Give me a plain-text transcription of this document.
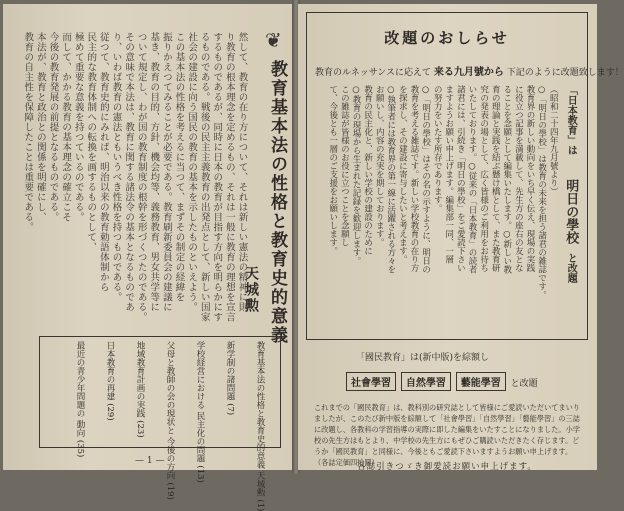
❦
教育基本法の性格と教育史的意義
天城勲
然して、教育の在り方について、それは新しい憲法の精神に則
り教育の根本理念を定めるもの、それは一般に教育の理想を宣言
するものであるが、同時に日本の教育が目指す方向を明らかにす
るものである。戦後の民主主義教育の出発点として、新しい国家
社会の建設に向う国民の教育の基本を示したものといえよう。
この基本法の性格を考えるに当つて、まずその制定の経緯を
振りかえつてみることが必要である。教育刷新委員会の建議に
基き、教育の目的、方針、機会均等、義務教育、男女共学等に
ついて規定し、わが国の教育制度の根幹を形づくつたのである。
その意味で本法は、教育に関する諸法令の基本となるものであ
り、いわば教育の憲法ともいうべき性格を持つものである。
従つて、教育史的にみれば、明治以来の教育勅語体制から
民主的な教育体制への転換を画するものとして、
極めて重要な意義を持つているのである。
而して、かかる教育の基本理念の確立こそ
今後の教育発展の前提となるものである。
本法が、教育と政治との関係を明確にし、
教育の自主性を保障したことは重要である。
教育基本法の性格と教育史的意義 天城勲 (1)
新学制の諸問題 (7)
学校経営における 民主化の問題 (13)
父母と教師の会の現状と 今後の方向 (19)
地域教育計画の実践 (23)
日本教育の再建 (29)
最近の青少年問題の 動向 (35)
— 1 —
改題のおしらせ
教育のルネッサンスに応えて 来る九月號から 下記のように改題致します！
「日本教育」は
明日の學校
と改題
（昭和二十四年九月號より）
○「明日の學校」は教育の未来を担う諸君の雑誌です。
教育界の新しい動向をいち早く伝え、現場の実践
に役立つ記事を満載して、先生方の座右の友とな
ることを念願として編集いたします。○新しい教
育の理論と実践を結ぶ懸け橋として、また教育研
究の発表の場として、広く皆様のご利用をお待ち
いたしております。○従来の「日本教育」の読者
諸君には、引続き「明日の學校」をご愛読下さい
ますようお願い申上げます。編集部一同、一層
の努力をいたす所存であります。
○「明日の學校」はその名の示すように、明日の
教育を考える雑誌です。新しい学校教育の在り方
を探求し、その建設に寄与したいと考えます。
○執筆者には教育界の第一線に活躍される方々を
お願いし、内容の充実を期しております。
教育の民主化と、新しい学校の建設のために
○教育の現場から生まれた記録を歓迎します。
この雑誌が皆様のお役に立つことを念願し
て、今後とも一層のご支援をお願いします。
「國民教育」は(新中版)を綜額し
社會學習 自然學習 藝能學習 と改題
これまでの「國民教育」は、教科別の研究誌として皆様にご愛読いただいてまいりましたが、このたび新中版を綜額して「社會學習」「自然學習」「藝能學習」の三誌に改題し、各教科の学習指導の実際に即した編集をいたすことになりました。小学校の先生方はもとより、中学校の先生方にもぜひご購読いただきたく存じます。どうか「國民教育」と同様に、今後ともご愛読下さいますようお願い申上げます。（各誌定価四拾圓）
各誌引きつゞき御愛読お願い申上げます。
